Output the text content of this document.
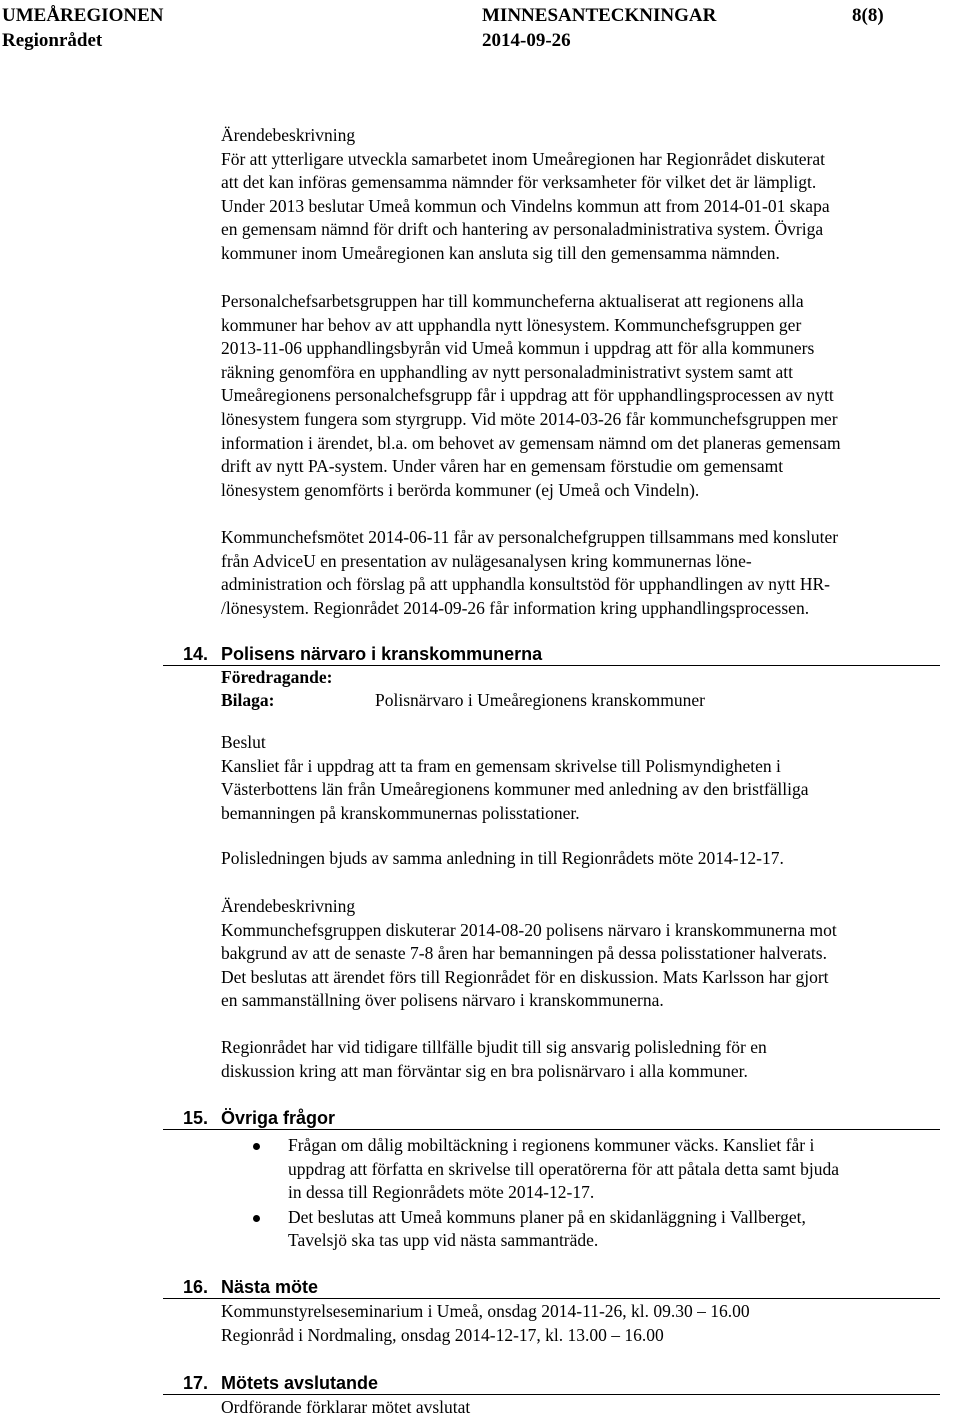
UMEÅREGIONEN	MINNESANTECKNINGAR	8(8)
Regionrådet	2014-09-26

Ärendebeskrivning

För att ytterligare utveckla samarbetet inom Umeåregionen har Regionrådet diskuterat
att det kan införas gemensamma nämnder för verksamheter för vilket det är lämpligt.
Under 2013 beslutar Umeå kommun och Vindelns kommun att from 2014-01-01 skapa
en gemensam nämnd för drift och hantering av personaladministrativa system. Övriga
kommuner inom Umeåregionen kan ansluta sig till den gemensamma nämnden.

Personalchefsarbetsgruppen har till kommuncheferna aktualiserat att regionens alla
kommuner har behov av att upphandla nytt lönesystem. Kommunchefsgruppen ger
2013-11-06 upphandlingsbyrån vid Umeå kommun i uppdrag att för alla kommuners
räkning genomföra en upphandling av nytt personaladministrativt system samt att
Umeåregionens personalchefsgrupp får i uppdrag att för upphandlingsprocessen av nytt
lönesystem fungera som styrgrupp. Vid möte 2014-03-26 får kommunchefsgruppen mer
information i ärendet, bl.a. om behovet av gemensam nämnd om det planeras gemensam
drift av nytt PA-system. Under våren har en gemensam förstudie om gemensamt
lönesystem genomförts i berörda kommuner (ej Umeå och Vindeln).

Kommunchefsmötet 2014-06-11 får av personalchefgruppen tillsammans med konsluter
från AdviceU en presentation av nulägesanalysen kring kommunernas löne-
administration och förslag på att upphandla konsultstöd för upphandlingen av nytt HR-
/lönesystem. Regionrådet 2014-09-26 får information kring upphandlingsprocessen.

14. Polisens närvaro i kranskommunerna
Föredragande:
Bilaga:	Polisnärvaro i Umeåregionens kranskommuner

Beslut

Kansliet får i uppdrag att ta fram en gemensam skrivelse till Polismyndigheten i
Västerbottens län från Umeåregionens kommuner med anledning av den bristfälliga
bemanningen på kranskommunernas polisstationer.

Polisledningen bjuds av samma anledning in till Regionrådets möte 2014-12-17.

Ärendebeskrivning

Kommunchefsgruppen diskuterar 2014-08-20 polisens närvaro i kranskommunerna mot
bakgrund av att de senaste 7-8 åren har bemanningen på dessa polisstationer halverats.
Det beslutas att ärendet förs till Regionrådet för en diskussion. Mats Karlsson har gjort
en sammanställning över polisens närvaro i kranskommunerna.

Regionrådet har vid tidigare tillfälle bjudit till sig ansvarig polisledning för en
diskussion kring att man förväntar sig en bra polisnärvaro i alla kommuner.

15. Övriga frågor
Frågan om dålig mobiltäckning i regionens kommuner väcks. Kansliet får i
uppdrag att författa en skrivelse till operatörerna för att påtala detta samt bjuda
in dessa till Regionrådets möte 2014-12-17.
Det beslutas att Umeå kommuns planer på en skidanläggning i Vallberget,
Tavelsjö ska tas upp vid nästa sammanträde.
16. Nästa möte

Kommunstyrelseseminarium i Umeå, onsdag 2014-11-26, kl. 09.30 – 16.00
Regionråd i Nordmaling, onsdag 2014-12-17, kl. 13.00 – 16.00

17. Mötets avslutande

Ordförande förklarar mötet avslutat
